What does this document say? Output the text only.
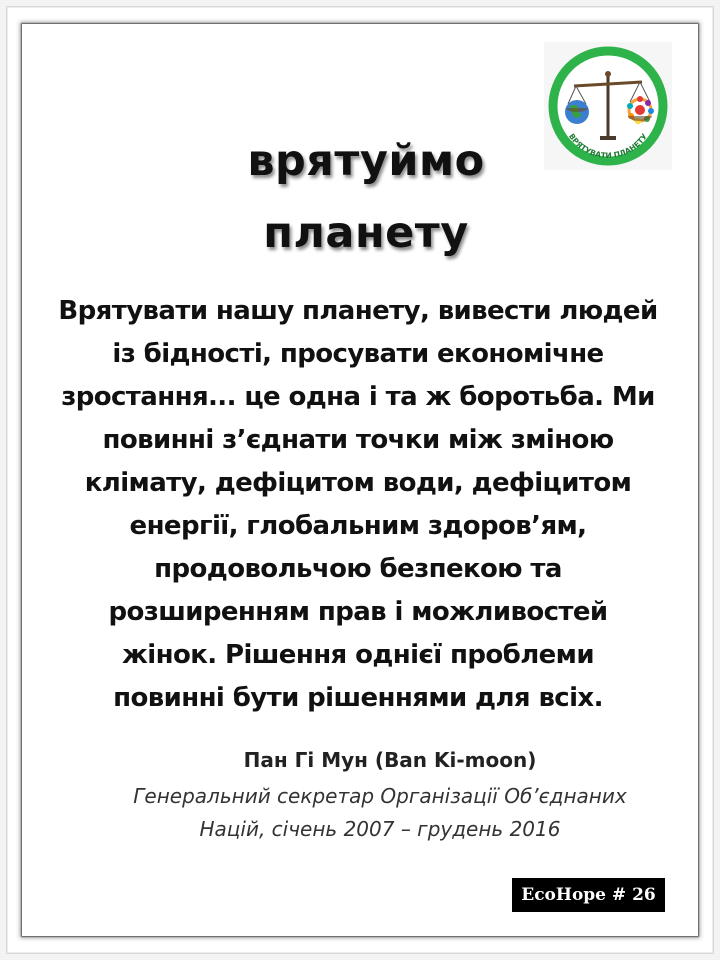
врятуймо
планету
ВАШІ ДІЇ
ВРЯТУВАТИ ПЛАНЕТУ
Врятувати нашу планету, вивести людей
із бідності, просувати економічне
зростання... це одна і та ж боротьба. Ми
повинні з’єднати точки між зміною
клімату, дефіцитом води, дефіцитом
енергії, глобальним здоров’ям,
продовольчою безпекою та
розширенням прав і можливостей
жінок. Рішення однієї проблеми
повинні бути рішеннями для всіх.
Пан Гі Мун (Ban Ki-moon)
Генеральний секретар Організації Об’єднаних
Націй, січень 2007 – грудень 2016
EcoHope # 26
